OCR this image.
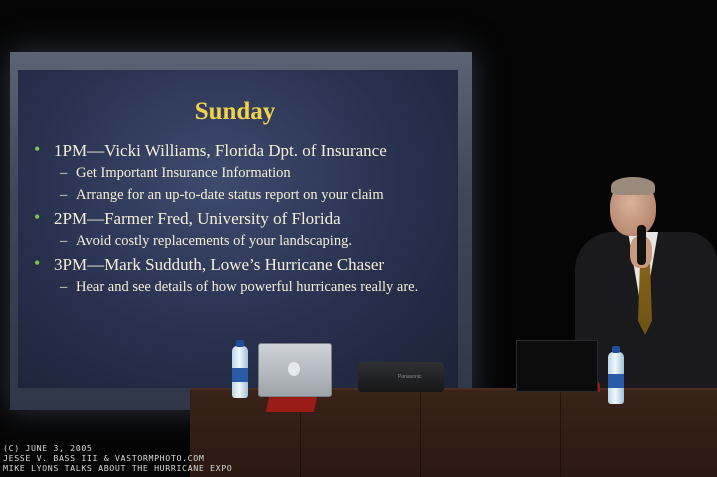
Sunday
• 1PM—Vicki Williams, Florida Dpt. of Insurance
– Get Important Insurance Information
– Arrange for an up-to-date status report on your claim
• 2PM—Farmer Fred, University of Florida
– Avoid costly replacements of your landscaping.
• 3PM—Mark Sudduth, Lowe’s Hurricane Chaser
– Hear and see details of how powerful hurricanes really are.
Panasonic
(C) JUNE 3, 2005
JESSE V. BASS III & VASTORMPHOTO.COM
MIKE LYONS TALKS ABOUT THE HURRICANE EXPO
